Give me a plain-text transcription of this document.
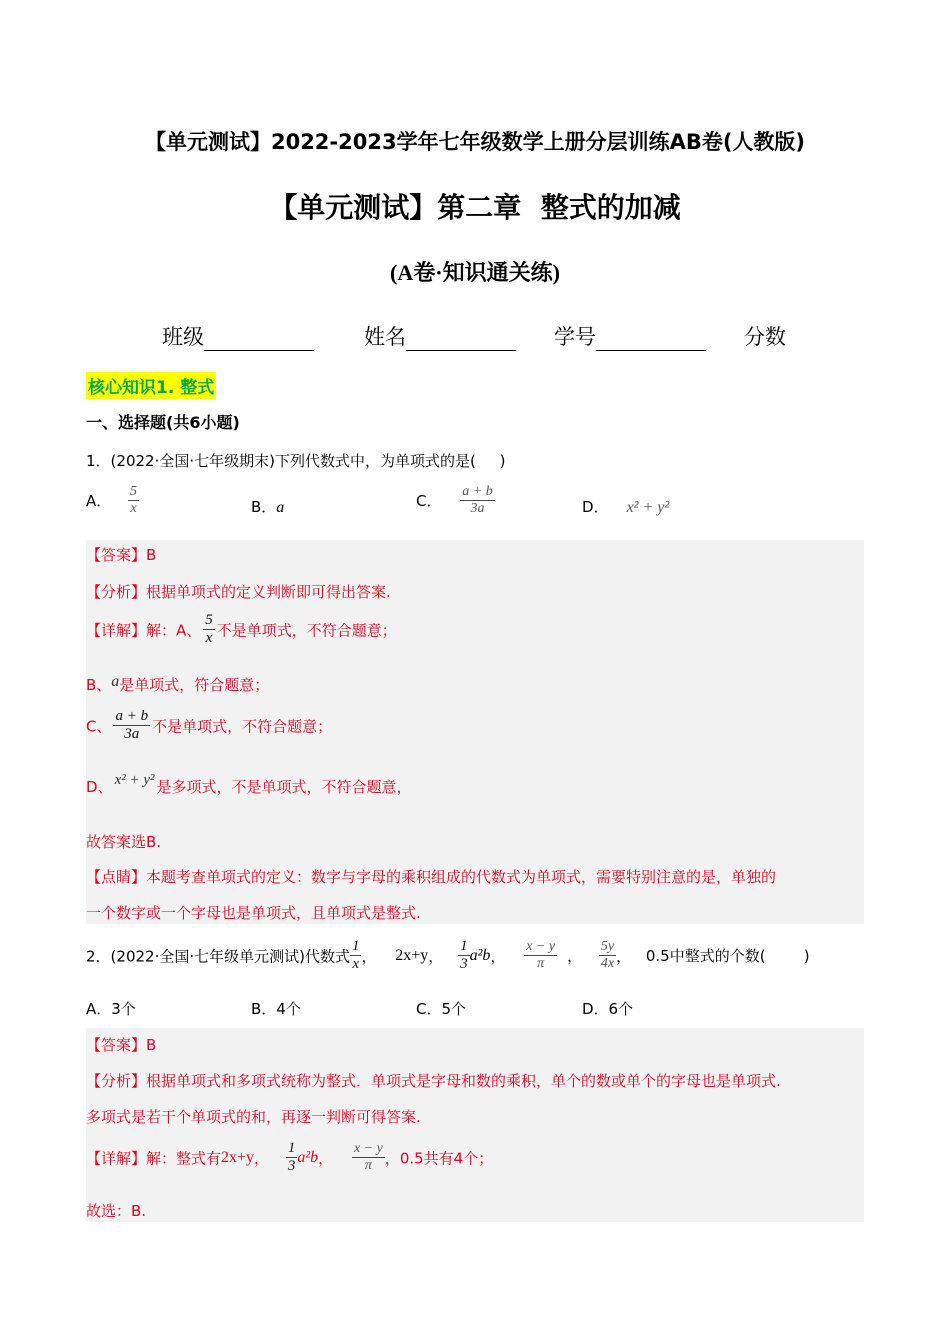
【单元测试】2022-2023学年七年级数学上册分层训练AB卷(人教版)
【单元测试】第二章  整式的加减
(A卷·知识通关练)
班级	姓名	学号	分数
核心知识1. 整式
一、选择题(共6小题)
1．(2022·全国·七年级期末)下列代数式中，为单项式的是(     )
A． $\frac{5}{x}$	B．a	C． $\frac{a + b}{3a}$	D． x² + y²
【答案】B
【分析】根据单项式的定义判断即可得出答案.
【详解】解：A、 $\frac{5}{x}$ 不是单项式，不符合题意；
B、a是单项式，符合题意；
C、 $\frac{a + b}{3a}$ 不是单项式，不符合题意；
D、 x² + y² 是多项式，不是单项式，不符合题意，
故答案选B.
【点睛】本题考查单项式的定义：数字与字母的乘积组成的代数式为单项式，需要特别注意的是，单独的
一个数字或一个字母也是单项式，且单项式是整式.
2．(2022·全国·七年级单元测试)代数式 $\frac{1}{x}$ ， 2x+y， $\frac{1}{3} a^2b$， $\frac{x - y}{\pi}$ ， $\frac{5y}{4x}$ ， 0.5中整式的个数(        )
A．3个	B．4个	C．5个	D．6个
【答案】B
【分析】根据单项式和多项式统称为整式．单项式是字母和数的乘积，单个的数或单个的字母也是单项式.
多项式是若干个单项式的和，再逐一判断可得答案.
【详解】解：整式有2x+y， $\frac{1}{3} a^2b$， $\frac{x - y}{\pi}$ ，0.5共有4个；
故选：B.
